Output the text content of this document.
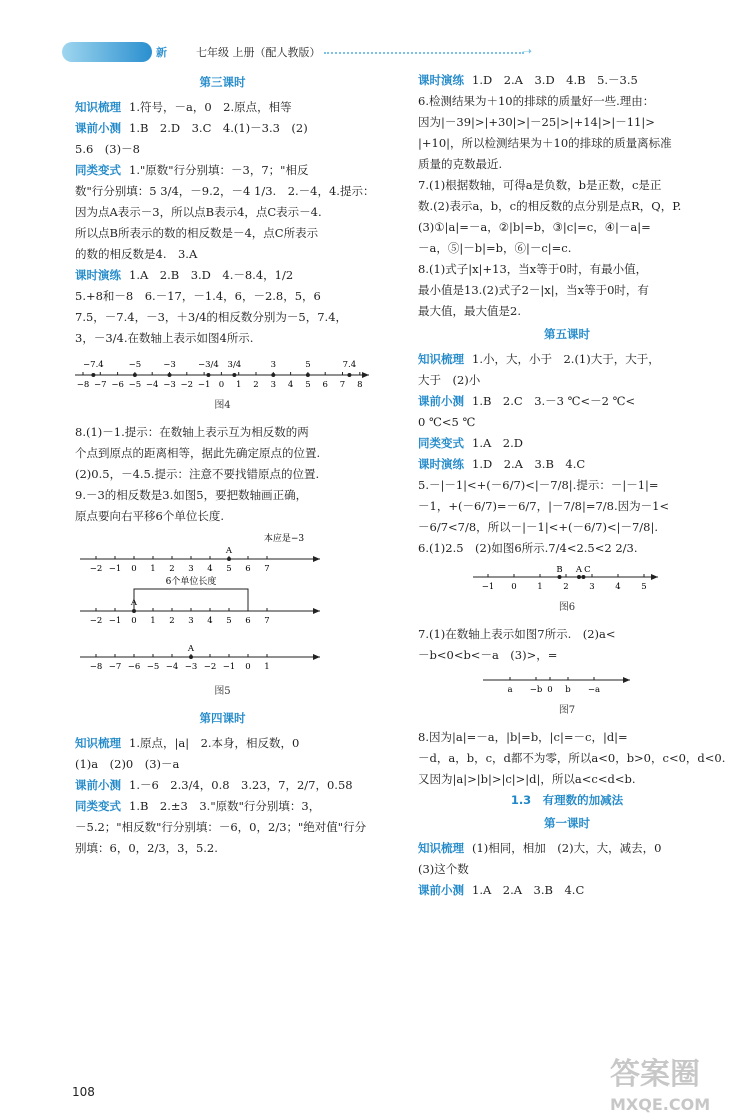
新	七年级 上册（配人教版）	➝
第三课时
知识梳理 1.符号，－a，0　2.原点，相等
课前小测 1.B　2.D　3.C　4.(1)－3.3　(2)
5.6　(3)－8
同类变式 1."原数"行分别填：－3，7；"相反
数"行分别填：5 3/4，－9.2，－4 1/3.　2.－4，4.提示：
因为点A表示－3，所以点B表示4，点C表示－4.
所以点B所表示的数的相反数是－4，点C所表示
的数的相反数是4.　3.A
课时演练 1.A　2.B　3.D　4.－8.4，1/2
5.+8和－8　6.－17，－1.4，6，－2.8，5，6
7.5，－7.4，－3，＋3/4的相反数分别为－5，7.4，
3，－3/4.在数轴上表示如图4所示.
−8 −7 −6 −5 −4 −3 −2 −1 0 1 2 3 4 5 6 7 8
−7.4	−5	−3	−3/4 3/4	3	5	7.4
图4
8.(1)－1.提示：在数轴上表示互为相反数的两
个点到原点的距离相等，据此先确定原点的位置.
(2)0.5，－4.5.提示：注意不要找错原点的位置.
9.－3的相反数是3.如图5，要把数轴画正确，
原点要向右平移6个单位长度.
本应是−3
−2 −1 0 1 2 3 4 5 6 7
A
−2 −1 0 1 2 3 4 5 6 7
A
−8 −7 −6 −5 −4 −3 −2 −1 0 1
A
6个单位长度
图5
第四课时
知识梳理 1.原点，|a|　2.本身，相反数，0
(1)a　(2)0　(3)－a
课前小测 1.－6　2.3/4，0.8　3.23，7，2/7，0.58
同类变式 1.B　2.±3　3."原数"行分别填：3，
－5.2；"相反数"行分别填：－6，0，2/3；"绝对值"行分
别填：6，0，2/3，3，5.2.
课时演练 1.D　2.A　3.D　4.B　5.－3.5
6.检测结果为＋10的排球的质量好一些.理由：
因为|－39|>|+30|>|－25|>|+14|>|－11|>
|+10|，所以检测结果为＋10的排球的质量离标准
质量的克数最近.
7.(1)根据数轴，可得a是负数，b是正数，c是正
数.(2)表示a，b，c的相反数的点分别是点R，Q，P.
(3)①|a|=－a，②|b|=b，③|c|=c，④|－a|=
－a，⑤|－b|=b，⑥|－c|=c.
8.(1)式子|x|+13，当x等于0时，有最小值，
最小值是13.(2)式子2－|x|，当x等于0时，有
最大值，最大值是2.
第五课时
知识梳理 1.小，大，小于　2.(1)大于，大于，
大于　(2)小
课前小测 1.B　2.C　3.－3 ℃<－2 ℃<
0 ℃<5 ℃
同类变式 1.A　2.D
课时演练 1.D　2.A　3.B　4.C
5.－|－1|<+(－6/7)<|－7/8|.提示：－|－1|=
－1，+(－6/7)=－6/7，|－7/8|=7/8.因为－1<
－6/7<7/8，所以－|－1|<+(－6/7)<|－7/8|.
6.(1)2.5　(2)如图6所示.7/4<2.5<2 2/3.
−1 0 1 2 3 4 5
B A C
图6
7.(1)在数轴上表示如图7所示.　(2)a<
－b<0<b<－a　(3)>，=
a −b 0 b −a
图7
8.因为|a|=－a，|b|=b，|c|=－c，|d|=
－d，a，b，c，d都不为零，所以a<0，b>0，c<0，d<0.
又因为|a|>|b|>|c|>|d|，所以a<c<d<b.
1.3　有理数的加减法
第一课时
知识梳理 (1)相同，相加　(2)大，大，减去，0
(3)这个数
课前小测 1.A　2.A　3.B　4.C
108	答案圈
MXQE.COM
